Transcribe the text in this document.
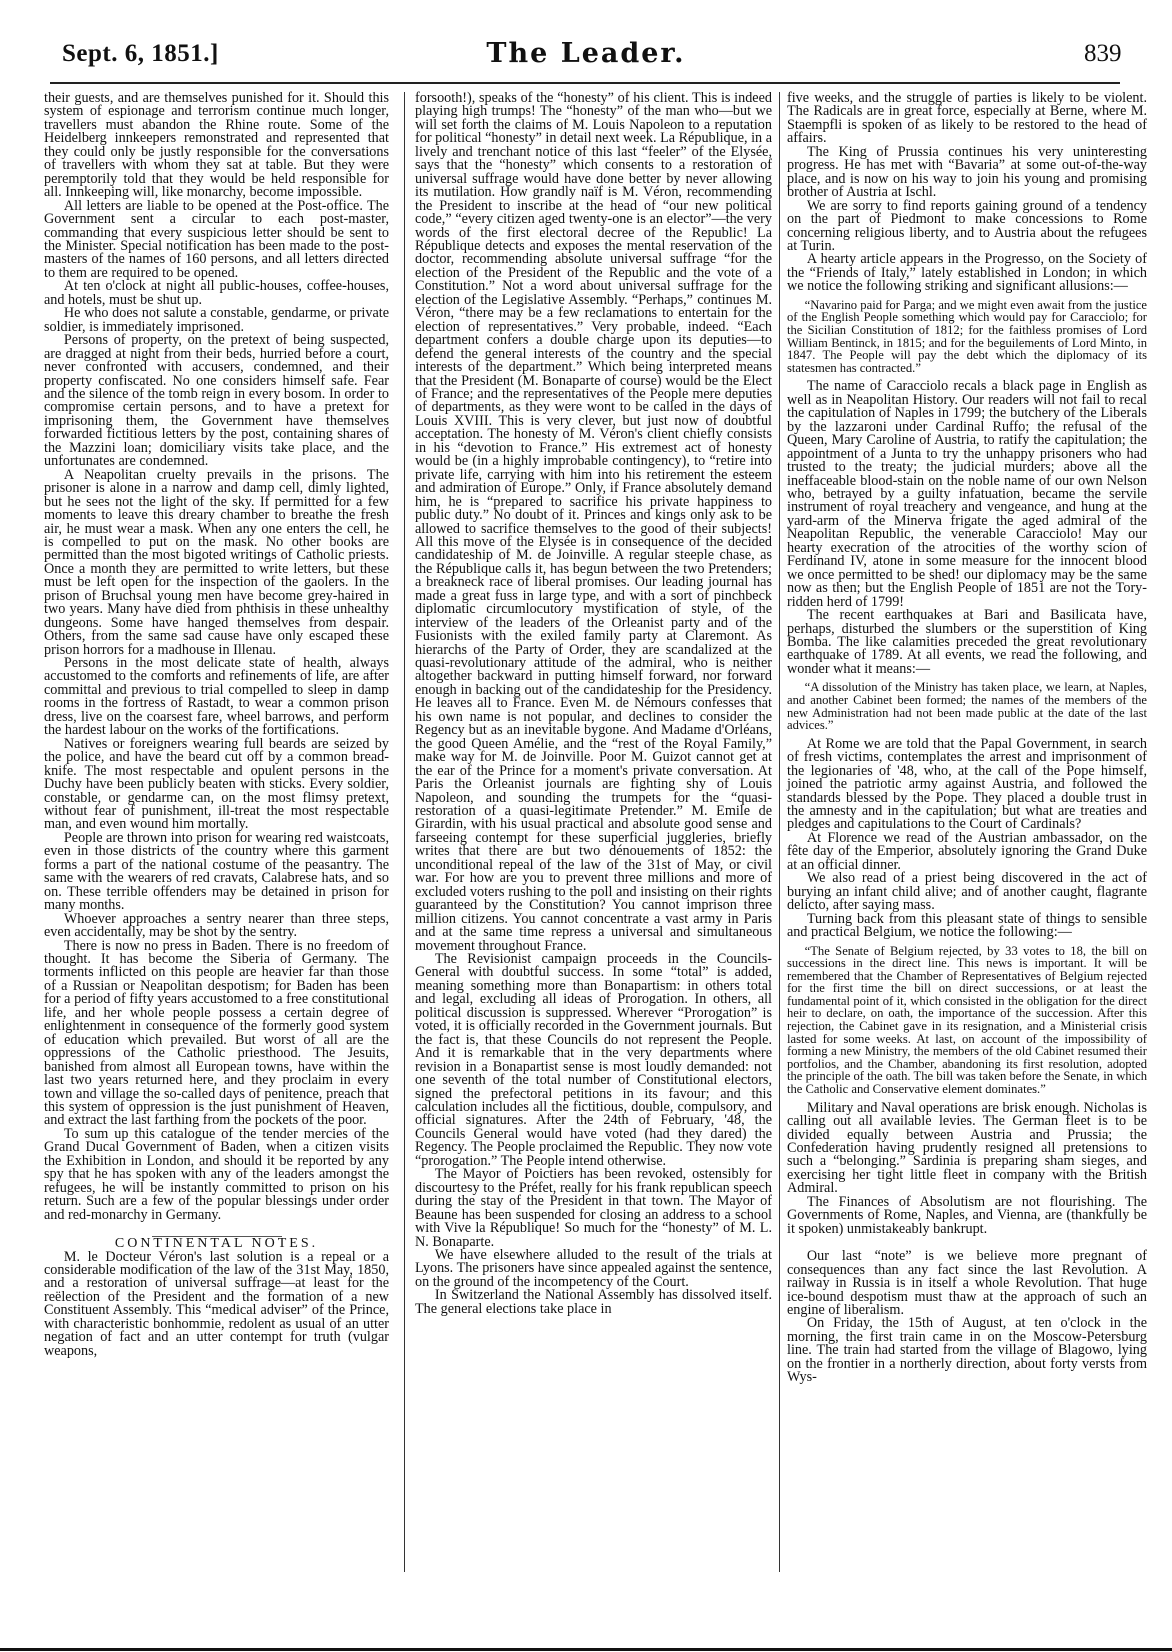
Sept. 6, 1851.]	The Leader.	839

their guests, and are themselves punished for it. Should this system of espionage and terrorism continue much longer, travellers must abandon the Rhine route. Some of the Heidelberg innkeepers remonstrated and represented that they could only be justly responsible for the conversations of travellers with whom they sat at table. But they were peremptorily told that they would be held responsible for all. Innkeeping will, like monarchy, become impossible.

All letters are liable to be opened at the Post-office. The Government sent a circular to each post-master, commanding that every suspicious letter should be sent to the Minister. Special notification has been made to the post-masters of the names of 160 persons, and all letters directed to them are required to be opened.

At ten o'clock at night all public-houses, coffee-houses, and hotels, must be shut up.

He who does not salute a constable, gendarme, or private soldier, is immediately imprisoned.

Persons of property, on the pretext of being suspected, are dragged at night from their beds, hurried before a court, never confronted with accusers, condemned, and their property confiscated. No one considers himself safe. Fear and the silence of the tomb reign in every bosom. In order to compromise certain persons, and to have a pretext for imprisoning them, the Government have themselves forwarded fictitious letters by the post, containing shares of the Mazzini loan; domiciliary visits take place, and the unfortunates are condemned.

A Neapolitan cruelty prevails in the prisons. The prisoner is alone in a narrow and damp cell, dimly lighted, but he sees not the light of the sky. If permitted for a few moments to leave this dreary chamber to breathe the fresh air, he must wear a mask. When any one enters the cell, he is compelled to put on the mask. No other books are permitted than the most bigoted writings of Catholic priests. Once a month they are permitted to write letters, but these must be left open for the inspection of the gaolers. In the prison of Bruchsal young men have become grey-haired in two years. Many have died from phthisis in these unhealthy dungeons. Some have hanged themselves from despair. Others, from the same sad cause have only escaped these prison horrors for a madhouse in Illenau.

Persons in the most delicate state of health, always accustomed to the comforts and refinements of life, are after committal and previous to trial compelled to sleep in damp rooms in the fortress of Rastadt, to wear a common prison dress, live on the coarsest fare, wheel barrows, and perform the hardest labour on the works of the fortifications.

Natives or foreigners wearing full beards are seized by the police, and have the beard cut off by a common bread-knife. The most respectable and opulent persons in the Duchy have been publicly beaten with sticks. Every soldier, constable, or gendarme can, on the most flimsy pretext, without fear of punishment, ill-treat the most respectable man, and even wound him mortally.

People are thrown into prison for wearing red waistcoats, even in those districts of the country where this garment forms a part of the national costume of the peasantry. The same with the wearers of red cravats, Calabrese hats, and so on. These terrible offenders may be detained in prison for many months.

Whoever approaches a sentry nearer than three steps, even accidentally, may be shot by the sentry.

There is now no press in Baden. There is no freedom of thought. It has become the Siberia of Germany. The torments inflicted on this people are heavier far than those of a Russian or Neapolitan despotism; for Baden has been for a period of fifty years accustomed to a free constitutional life, and her whole people possess a certain degree of enlightenment in consequence of the formerly good system of education which prevailed. But worst of all are the oppressions of the Catholic priesthood. The Jesuits, banished from almost all European towns, have within the last two years returned here, and they proclaim in every town and village the so-called days of penitence, preach that this system of oppression is the just punishment of Heaven, and extract the last farthing from the pockets of the poor.

To sum up this catalogue of the tender mercies of the Grand Ducal Government of Baden, when a citizen visits the Exhibition in London, and should it be reported by any spy that he has spoken with any of the leaders amongst the refugees, he will be instantly committed to prison on his return. Such are a few of the popular blessings under order and red-monarchy in Germany.

CONTINENTAL NOTES.

M. le Docteur Véron's last solution is a repeal or a considerable modification of the law of the 31st May, 1850, and a restoration of universal suffrage—at least for the reëlection of the President and the formation of a new Constituent Assembly. This “medical adviser” of the Prince, with characteristic bonhommie, redolent as usual of an utter negation of fact and an utter contempt for truth (vulgar weapons,

forsooth!), speaks of the “honesty” of his client. This is indeed playing high trumps! The “honesty” of the man who—but we will set forth the claims of M. Louis Napoleon to a reputation for political “honesty” in detail next week. La République, in a lively and trenchant notice of this last “feeler” of the Elysée, says that the “honesty” which consents to a restoration of universal suffrage would have done better by never allowing its mutilation. How grandly naïf is M. Véron, recommending the President to inscribe at the head of “our new political code,” “every citizen aged twenty-one is an elector”—the very words of the first electoral decree of the Republic! La République detects and exposes the mental reservation of the doctor, recommending absolute universal suffrage “for the election of the President of the Republic and the vote of a Constitution.” Not a word about universal suffrage for the election of the Legislative Assembly. “Perhaps,” continues M. Véron, “there may be a few reclamations to entertain for the election of representatives.” Very probable, indeed. “Each department confers a double charge upon its deputies—to defend the general interests of the country and the special interests of the department.” Which being interpreted means that the President (M. Bonaparte of course) would be the Elect of France; and the representatives of the People mere deputies of departments, as they were wont to be called in the days of Louis XVIII. This is very clever, but just now of doubtful acceptation. The honesty of M. Véron's client chiefly consists in his “devotion to France.” His extremest act of honesty would be (in a highly improbable contingency), to “retire into private life, carrying with him into his retirement the esteem and admiration of Europe.” Only, if France absolutely demand him, he is “prepared to sacrifice his private happiness to public duty.” No doubt of it. Princes and kings only ask to be allowed to sacrifice themselves to the good of their subjects! All this move of the Elysée is in consequence of the decided candidateship of M. de Joinville. A regular steeple chase, as the République calls it, has begun between the two Pretenders; a breakneck race of liberal promises. Our leading journal has made a great fuss in large type, and with a sort of pinchbeck diplomatic circumlocutory mystification of style, of the interview of the leaders of the Orleanist party and of the Fusionists with the exiled family party at Claremont. As hierarchs of the Party of Order, they are scandalized at the quasi-revolutionary attitude of the admiral, who is neither altogether backward in putting himself forward, nor forward enough in backing out of the candidateship for the Presidency. He leaves all to France. Even M. de Némours confesses that his own name is not popular, and declines to consider the Regency but as an inevitable bygone. And Madame d'Orléans, the good Queen Amélie, and the “rest of the Royal Family,” make way for M. de Joinville. Poor M. Guizot cannot get at the ear of the Prince for a moment's private conversation. At Paris the Orleanist journals are fighting shy of Louis Napoleon, and sounding the trumpets for the “quasi-restoration of a quasi-legitimate Pretender.” M. Emile de Girardin, with his usual practical and absolute good sense and farseeing contempt for these superficial juggleries, briefly writes that there are but two dénouements of 1852: the unconditional repeal of the law of the 31st of May, or civil war. For how are you to prevent three millions and more of excluded voters rushing to the poll and insisting on their rights guaranteed by the Constitution? You cannot imprison three million citizens. You cannot concentrate a vast army in Paris and at the same time repress a universal and simultaneous movement throughout France.

The Revisionist campaign proceeds in the Councils-General with doubtful success. In some “total” is added, meaning something more than Bonapartism: in others total and legal, excluding all ideas of Prorogation. In others, all political discussion is suppressed. Wherever “Prorogation” is voted, it is officially recorded in the Government journals. But the fact is, that these Councils do not represent the People. And it is remarkable that in the very departments where revision in a Bonapartist sense is most loudly demanded: not one seventh of the total number of Constitutional electors, signed the prefectoral petitions in its favour; and this calculation includes all the fictitious, double, compulsory, and official signatures. After the 24th of February, '48, the Councils General would have voted (had they dared) the Regency. The People proclaimed the Republic. They now vote “prorogation.” The People intend otherwise.

The Mayor of Poictiers has been revoked, ostensibly for discourtesy to the Préfet, really for his frank republican speech during the stay of the President in that town. The Mayor of Beaune has been suspended for closing an address to a school with Vive la République! So much for the “honesty” of M. L. N. Bonaparte.

We have elsewhere alluded to the result of the trials at Lyons. The prisoners have since appealed against the sentence, on the ground of the incompetency of the Court.

In Switzerland the National Assembly has dissolved itself. The general elections take place in

five weeks, and the struggle of parties is likely to be violent. The Radicals are in great force, especially at Berne, where M. Staempfli is spoken of as likely to be restored to the head of affairs.

The King of Prussia continues his very uninteresting progress. He has met with “Bavaria” at some out-of-the-way place, and is now on his way to join his young and promising brother of Austria at Ischl.

We are sorry to find reports gaining ground of a tendency on the part of Piedmont to make concessions to Rome concerning religious liberty, and to Austria about the refugees at Turin.

A hearty article appears in the Progresso, on the Society of the “Friends of Italy,” lately established in London; in which we notice the following striking and significant allusions:—

“Navarino paid for Parga; and we might even await from the justice of the English People something which would pay for Caracciolo; for the Sicilian Constitution of 1812; for the faithless promises of Lord William Bentinck, in 1815; and for the beguilements of Lord Minto, in 1847. The People will pay the debt which the diplomacy of its statesmen has contracted.”

The name of Caracciolo recals a black page in English as well as in Neapolitan History. Our readers will not fail to recal the capitulation of Naples in 1799; the butchery of the Liberals by the lazzaroni under Cardinal Ruffo; the refusal of the Queen, Mary Caroline of Austria, to ratify the capitulation; the appointment of a Junta to try the unhappy prisoners who had trusted to the treaty; the judicial murders; above all the ineffaceable blood-stain on the noble name of our own Nelson who, betrayed by a guilty infatuation, became the servile instrument of royal treachery and vengeance, and hung at the yard-arm of the Minerva frigate the aged admiral of the Neapolitan Republic, the venerable Caracciolo! May our hearty execration of the atrocities of the worthy scion of Ferdinand IV, atone in some measure for the innocent blood we once permitted to be shed! our diplomacy may be the same now as then; but the English People of 1851 are not the Tory-ridden herd of 1799!

The recent earthquakes at Bari and Basilicata have, perhaps, disturbed the slumbers or the superstition of King Bomba. The like calamities preceded the great revolutionary earthquake of 1789. At all events, we read the following, and wonder what it means:—

“A dissolution of the Ministry has taken place, we learn, at Naples, and another Cabinet been formed; the names of the members of the new Administration had not been made public at the date of the last advices.”

At Rome we are told that the Papal Government, in search of fresh victims, contemplates the arrest and imprisonment of the legionaries of '48, who, at the call of the Pope himself, joined the patriotic army against Austria, and followed the standards blessed by the Pope. They placed a double trust in the amnesty and in the capitulation; but what are treaties and pledges and capitulations to the Court of Cardinals?

At Florence we read of the Austrian ambassador, on the fête day of the Emperior, absolutely ignoring the Grand Duke at an official dinner.

We also read of a priest being discovered in the act of burying an infant child alive; and of another caught, flagrante delicto, after saying mass.

Turning back from this pleasant state of things to sensible and practical Belgium, we notice the following:—

“The Senate of Belgium rejected, by 33 votes to 18, the bill on successions in the direct line. This news is important. It will be remembered that the Chamber of Representatives of Belgium rejected for the first time the bill on direct successions, or at least the fundamental point of it, which consisted in the obligation for the direct heir to declare, on oath, the importance of the succession. After this rejection, the Cabinet gave in its resignation, and a Ministerial crisis lasted for some weeks. At last, on account of the impossibility of forming a new Ministry, the members of the old Cabinet resumed their portfolios, and the Chamber, abandoning its first resolution, adopted the principle of the oath. The bill was taken before the Senate, in which the Catholic and Conservative element dominates.”

Military and Naval operations are brisk enough. Nicholas is calling out all available levies. The German fleet is to be divided equally between Austria and Prussia; the Confederation having prudently resigned all pretensions to such a “belonging.” Sardinia is preparing sham sieges, and exercising her tight little fleet in company with the British Admiral.

The Finances of Absolutism are not flourishing. The Governments of Rome, Naples, and Vienna, are (thankfully be it spoken) unmistakeably bankrupt.

Our last “note” is we believe more pregnant of consequences than any fact since the last Revolution. A railway in Russia is in itself a whole Revolution. That huge ice-bound despotism must thaw at the approach of such an engine of liberalism.

On Friday, the 15th of August, at ten o'clock in the morning, the first train came in on the Moscow-Petersburg line. The train had started from the village of Blagowo, lying on the frontier in a northerly direction, about forty versts from Wys-
